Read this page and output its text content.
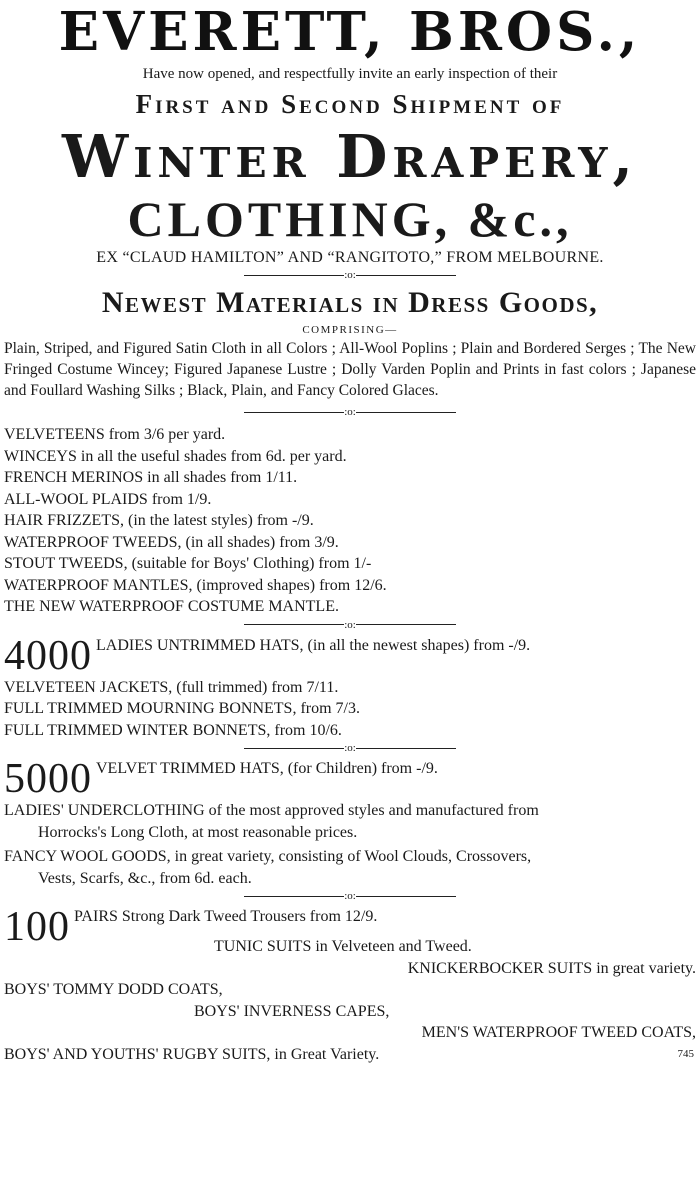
EVERETT, BROS.,
Have now opened, and respectfully invite an early inspection of their
First and Second Shipment of
Winter Drapery,
CLOTHING, &c.,
EX “CLAUD HAMILTON” AND “RANGITOTO,” FROM MELBOURNE.
:o:
Newest Materials in Dress Goods,
COMPRISING—

Plain, Striped, and Figured Satin Cloth in all Colors ; All-Wool Poplins ; Plain and Bordered Serges ; The New Fringed Costume Wincey; Figured Japanese Lustre ; Dolly Varden Poplin and Prints in fast colors ; Japanese and Foullard Washing Silks ; Black, Plain, and Fancy Colored Glaces.

:o:
VELVETEENS from 3/6 per yard.
WINCEYS in all the useful shades from 6d. per yard.
FRENCH MERINOS in all shades from 1/11.
ALL-WOOL PLAIDS from 1/9.
HAIR FRIZZETS, (in the latest styles) from -/9.
WATERPROOF TWEEDS, (in all shades) from 3/9.
STOUT TWEEDS, (suitable for Boys' Clothing) from 1/-
WATERPROOF MANTLES, (improved shapes) from 12/6.
THE NEW WATERPROOF COSTUME MANTLE.
:o:
4000 LADIES UNTRIMMED HATS, (in all the newest shapes) from -/9.
VELVETEEN JACKETS, (full trimmed) from 7/11.
FULL TRIMMED MOURNING BONNETS, from 7/3.
FULL TRIMMED WINTER BONNETS, from 10/6.
:o:
5000 VELVET TRIMMED HATS, (for Children) from -/9.
LADIES' UNDERCLOTHING of the most approved styles and manufactured from
Horrocks's Long Cloth, at most reasonable prices.
FANCY WOOL GOODS, in great variety, consisting of Wool Clouds, Crossovers,
Vests, Scarfs, &c., from 6d. each.
:o:
100 PAIRS Strong Dark Tweed Trousers from 12/9.
TUNIC SUITS in Velveteen and Tweed.
KNICKERBOCKER SUITS in great variety.
BOYS' TOMMY DODD COATS,
BOYS' INVERNESS CAPES,
MEN'S WATERPROOF TWEED COATS,
BOYS' AND YOUTHS' RUGBY SUITS, in Great Variety.	745
